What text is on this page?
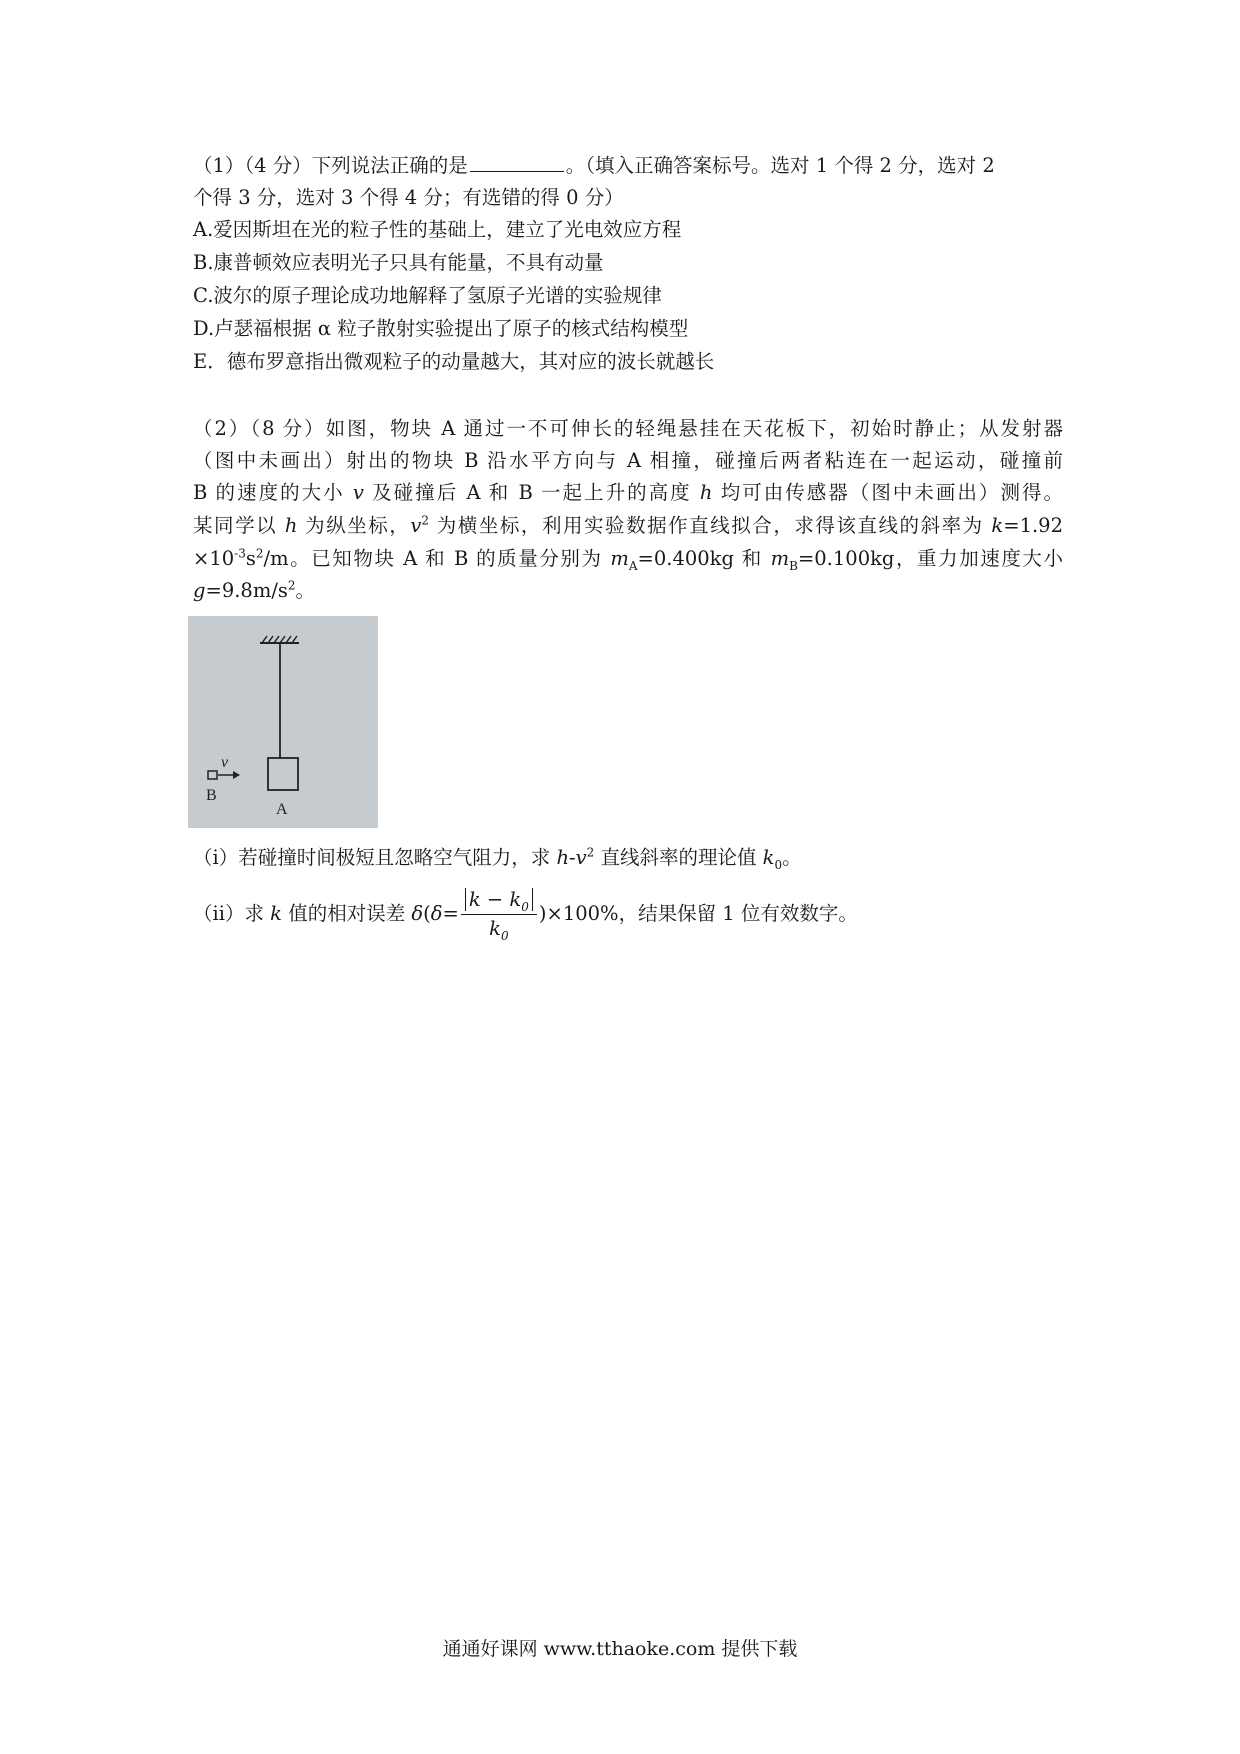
（1）（4 分）下列说法正确的是	。（填入正确答案标号。选对 1 个得 2 分，选对 2
个得 3 分，选对 3 个得 4 分；有选错的得 0 分）
A.爱因斯坦在光的粒子性的基础上，建立了光电效应方程
B.康普顿效应表明光子只具有能量，不具有动量
C.波尔的原子理论成功地解释了氢原子光谱的实验规律
D.卢瑟福根据 α 粒子散射实验提出了原子的核式结构模型
E．德布罗意指出微观粒子的动量越大，其对应的波长就越长
（2）（8 分）如图，物块 A 通过一不可伸长的轻绳悬挂在天花板下，初始时静止；从发射器
（图中未画出）射出的物块 B 沿水平方向与 A 相撞，碰撞后两者粘连在一起运动，碰撞前
B 的速度的大小 v 及碰撞后 A 和 B 一起上升的高度 h 均可由传感器（图中未画出）测得。
某同学以 h 为纵坐标，$v^2$ 为横坐标，利用实验数据作直线拟合，求得该直线的斜率为 k=1.92
$\times 10^{-3}s^2/m$。已知物块 A 和 B 的质量分别为 $m_A=0.400kg$ 和 $m_B=0.100kg$，重力加速度大小
$g=9.8m/s^2$。
v
B
A
（i）若碰撞时间极短且忽略空气阻力，求 $h-v^2$ 直线斜率的理论值 $k_0$。
（ii）求 k 值的相对误差 $\delta(\delta= \frac{k - k_0}{k_0} )\times 100\%$，结果保留 1 位有效数字。
通通好课网 www.tthaoke.com 提供下载
